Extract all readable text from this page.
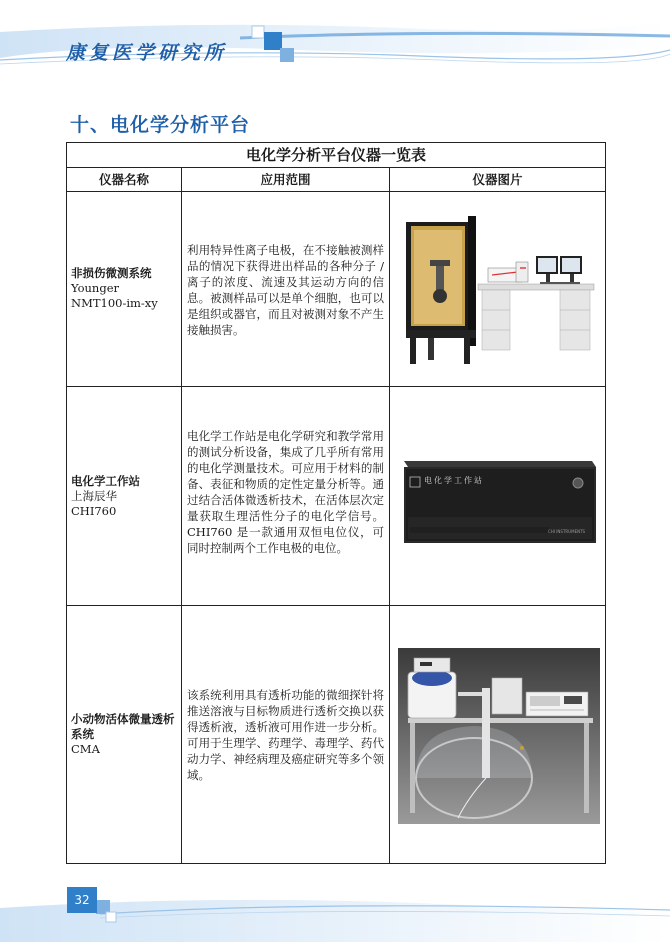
康复医学研究所
十、电化学分析平台
电化学分析平台仪器一览表
仪器名称	应用范围	仪器图片
非损伤微测系统
Younger
NMT100-im-xy
利用特异性离子电极，在不接触被测样品的情况下获得进出样品的各种分子 / 离子的浓度、流速及其运动方向的信息。被测样品可以是单个细胞，也可以是组织或器官，而且对被测对象不产生接触损害。
电化学工作站
上海辰华
CHI760
电化学工作站是电化学研究和教学常用的测试分析设备，集成了几乎所有常用的电化学测量技术。可应用于材料的制备、表征和物质的定性定量分析等。通过结合活体微透析技术，在活体层次定量获取生理活性分子的电化学信号。CHI760 是一款通用双恒电位仪，可同时控制两个工作电极的电位。
电化学工作站
CHI INSTRUMENTS
小动物活体微量透析系统
CMA
该系统利用具有透析功能的微细探针将推送溶液与目标物质进行透析交换以获得透析液，透析液可用作进一步分析。可用于生理学、药理学、毒理学、药代动力学、神经病理及癌症研究等多个领域。
32
